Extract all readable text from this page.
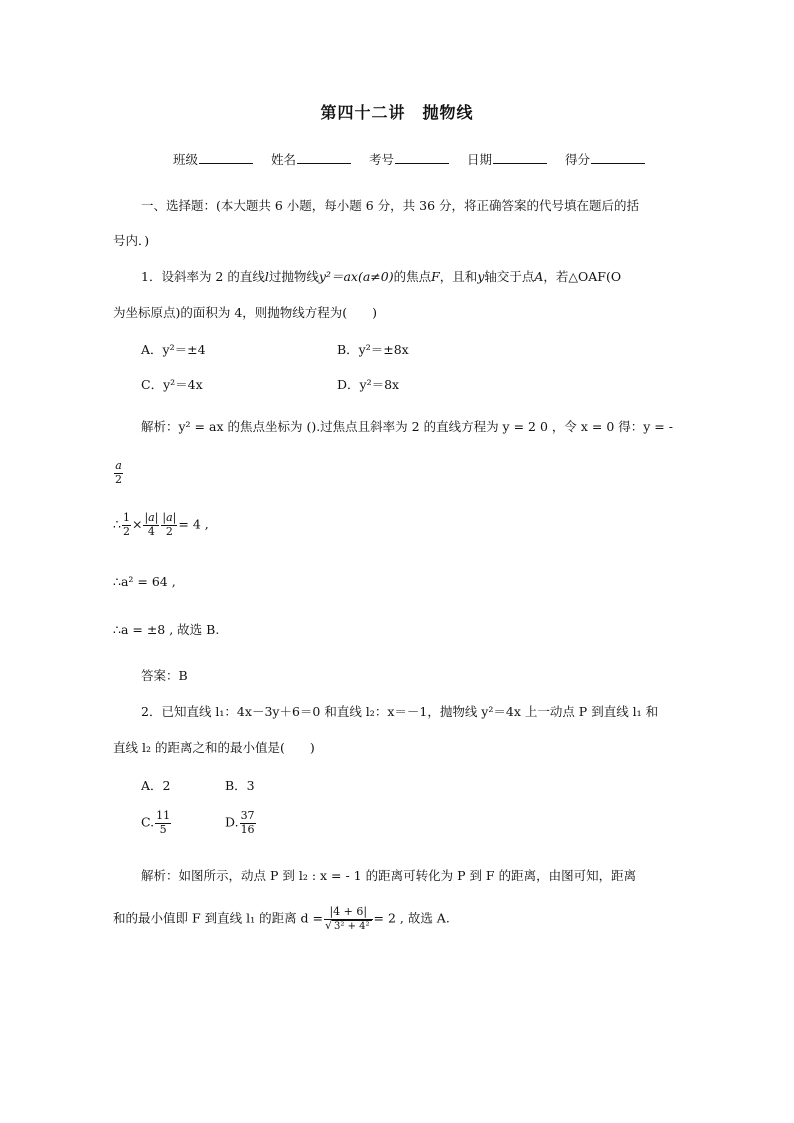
第四十二讲　抛物线
班级	姓名	考号	日期	得分
一、选择题：(本大题共 6 小题，每小题 6 分，共 36 分，将正确答案的代号填在题后的括
号内．)
1．设斜率为 2 的直线l过抛物线y²＝ax(a≠0)的焦点F，且和y轴交于点A，若△OAF(O
为坐标原点)的面积为 4，则抛物线方程为(　　)
A．y²＝±4	B．y²＝±8x
C．y²＝4x	D．y²＝8x
解析：y² = ax 的焦点坐标为 ().过焦点且斜率为 2 的直线方程为 y = 2 0 ，令 x = 0 得：y = -
$\frac{a}{2}$
∴ $\frac{1}{2} \times \frac{|a|}{4} \frac{|a|}{2} = 4$ ,
∴a² = 64 ,
∴a = ±8 , 故选 B.
答案：B
2．已知直线 l₁：4x－3y＋6＝0 和直线 l₂：x＝－1，抛物线 y²＝4x 上一动点 P 到直线 l₁ 和
直线 l₂ 的距离之和的最小值是(　　)
A．2	B．3
C. $\frac{11}{5}$	D. $\frac{37}{16}$
解析：如图所示，动点 P 到 l₂ : x = - 1 的距离可转化为 P 到 F 的距离，由图可知，距离
和的最小值即 F 到直线 l₁ 的距离 $d = \frac{|4 + 6|}{\text{√ 3² + 4²}} = 2$ , 故选 A.
